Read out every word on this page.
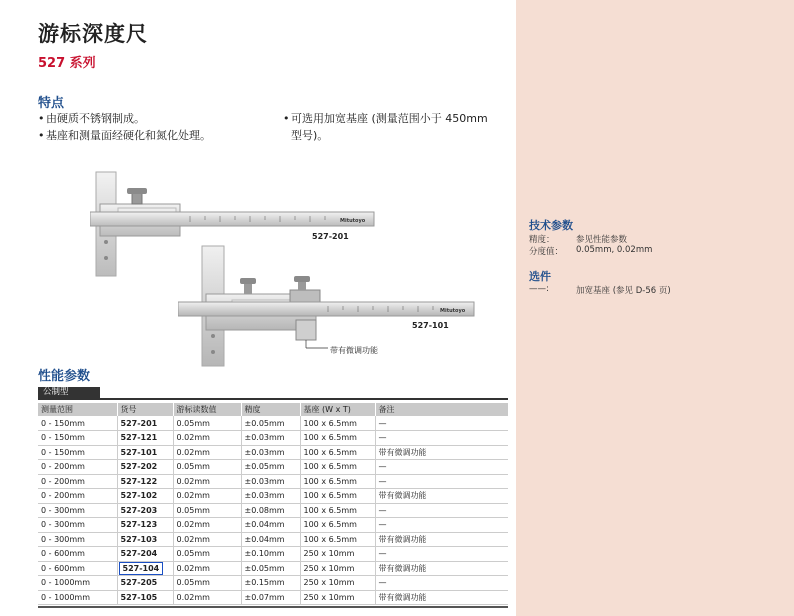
游标深度尺
527 系列
特点
• 由硬质不锈钢制成。
• 基座和测量面经硬化和氮化处理。
• 可选用加宽基座 (测量范围小于 450mm
型号)。
Mitutoyo
527-201
Mitutoyo
527-101
带有微调功能
技术参数
精度：	参见性能参数
分度值： 0.05mm, 0.02mm
选件
——:	加宽基座 (参见 D-56 页)
性能参数
公制型
测量范围	货号	游标读数值	精度	基座 (W x T)	备注
0 - 150mm	527-201	0.05mm	±0.05mm	100 x 6.5mm	—
0 - 150mm	527-121	0.02mm	±0.03mm	100 x 6.5mm	—
0 - 150mm	527-101	0.02mm	±0.03mm	100 x 6.5mm	带有微调功能
0 - 200mm	527-202	0.05mm	±0.05mm	100 x 6.5mm	—
0 - 200mm	527-122	0.02mm	±0.03mm	100 x 6.5mm	—
0 - 200mm	527-102	0.02mm	±0.03mm	100 x 6.5mm	带有微调功能
0 - 300mm	527-203	0.05mm	±0.08mm	100 x 6.5mm	—
0 - 300mm	527-123	0.02mm	±0.04mm	100 x 6.5mm	—
0 - 300mm	527-103	0.02mm	±0.04mm	100 x 6.5mm	带有微调功能
0 - 600mm	527-204	0.05mm	±0.10mm	250 x 10mm	—
0 - 600mm	527-104	0.02mm	±0.05mm	250 x 10mm	带有微调功能
0 - 1000mm	527-205	0.05mm	±0.15mm	250 x 10mm	—
0 - 1000mm	527-105	0.02mm	±0.07mm	250 x 10mm	带有微调功能
